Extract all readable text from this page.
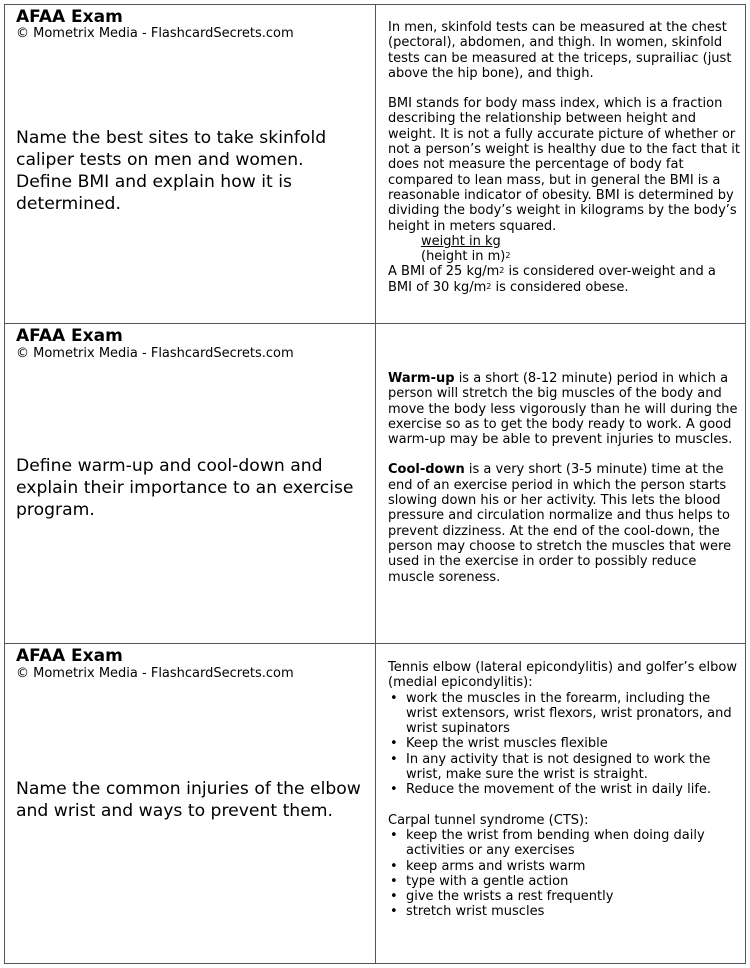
AFAA Exam
© Mometrix Media - FlashcardSecrets.com
Name the best sites to take skinfold caliper tests on men and women. Define BMI and explain how it is determined.

In men, skinfold tests can be measured at the chest (pectoral), abdomen, and thigh. In women, skinfold tests can be measured at the triceps, suprailiac (just above the hip bone), and thigh.

BMI stands for body mass index, which is a fraction describing the relationship between height and weight. It is not a fully accurate picture of whether or not a person’s weight is healthy due to the fact that it does not measure the percentage of body fat compared to lean mass, but in general the BMI is a reasonable indicator of obesity. BMI is determined by dividing the body’s weight in kilograms by the body’s height in meters squared.

weight in kg

(height in m)$^2$

A BMI of 25 $kg/m^2$ is considered over-weight and a BMI of 30 $kg/m^2$ is considered obese.

AFAA Exam
© Mometrix Media - FlashcardSecrets.com
Define warm-up and cool-down and explain their importance to an exercise program.

Warm-up is a short (8-12 minute) period in which a person will stretch the big muscles of the body and move the body less vigorously than he will during the exercise so as to get the body ready to work. A good warm-up may be able to prevent injuries to muscles.

Cool-down is a very short (3-5 minute) time at the end of an exercise period in which the person starts slowing down his or her activity. This lets the blood pressure and circulation normalize and thus helps to prevent dizziness. At the end of the cool-down, the person may choose to stretch the muscles that were used in the exercise in order to possibly reduce muscle soreness.

AFAA Exam
© Mometrix Media - FlashcardSecrets.com
Name the common injuries of the elbow and wrist and ways to prevent them.

Tennis elbow (lateral epicondylitis) and golfer’s elbow (medial epicondylitis):

• work the muscles in the forearm, including the wrist extensors, wrist flexors, wrist pronators, and wrist supinators
• Keep the wrist muscles flexible
• In any activity that is not designed to work the wrist, make sure the wrist is straight.
• Reduce the movement of the wrist in daily life.

Carpal tunnel syndrome (CTS):

• keep the wrist from bending when doing daily activities or any exercises
• keep arms and wrists warm
• type with a gentle action
• give the wrists a rest frequently
• stretch wrist muscles
